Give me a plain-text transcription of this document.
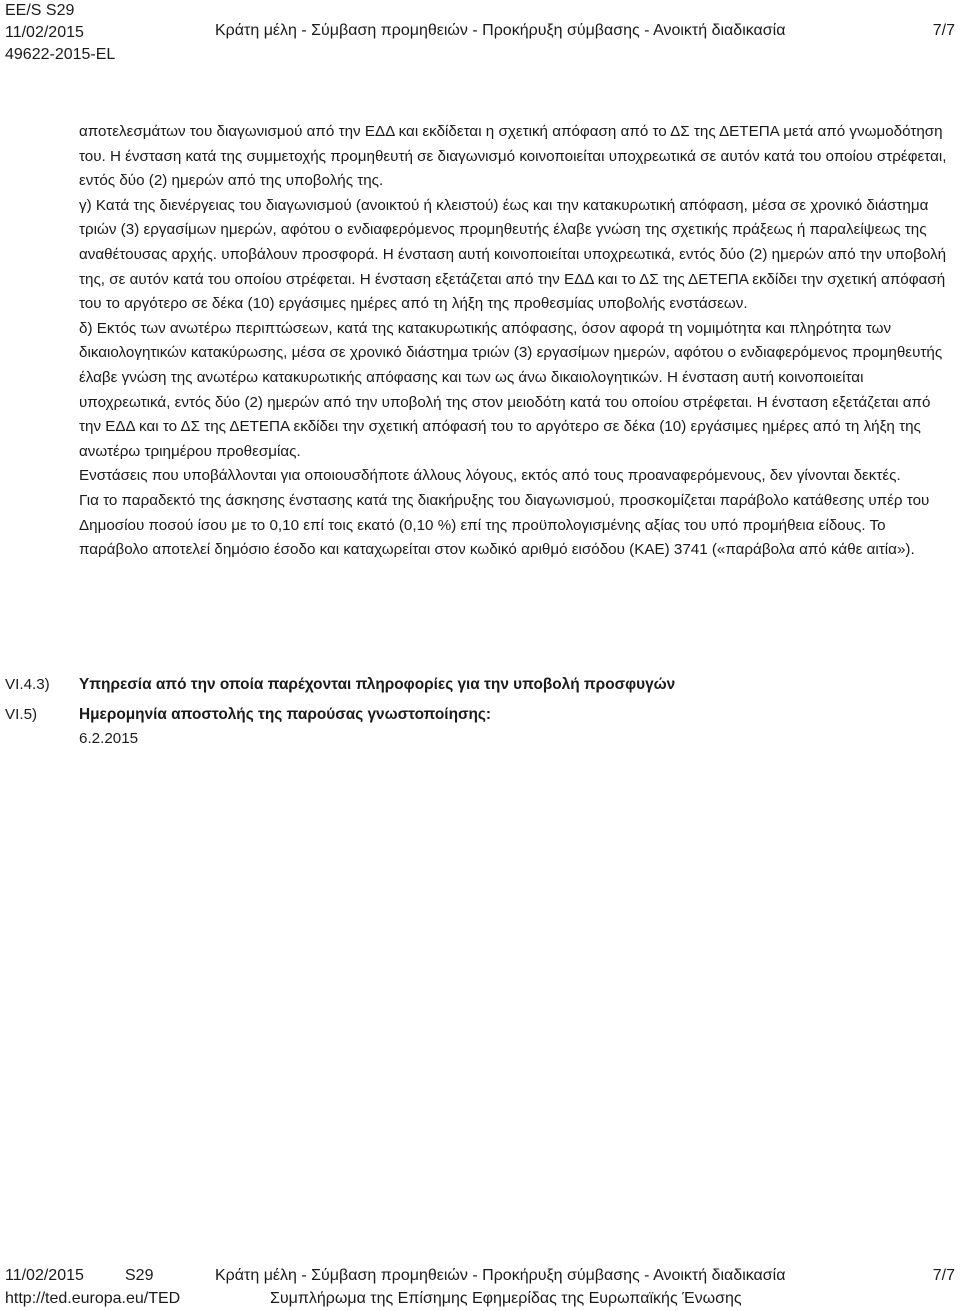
EE/S S29
11/02/2015
49622-2015-EL
Κράτη μέλη - Σύμβαση προμηθειών - Προκήρυξη σύμβασης - Ανοικτή διαδικασία	7/7

αποτελεσμάτων του διαγωνισμού από την ΕΔΔ και εκδίδεται η σχετική απόφαση από το ΔΣ της ΔΕΤΕΠΑ μετά από γνωμοδότηση του. Η ένσταση κατά της συμμετοχής προμηθευτή σε διαγωνισμό κοινοποιείται υποχρεωτικά σε αυτόν κατά του οποίου στρέφεται, εντός δύο (2) ημερών από της υποβολής της.

γ) Κατά της διενέργειας του διαγωνισμού (ανοικτού ή κλειστού) έως και την κατακυρωτική απόφαση, μέσα σε χρονικό διάστημα τριών (3) εργασίμων ημερών, αφότου ο ενδιαφερόμενος προμηθευτής έλαβε γνώση της σχετικής πράξεως ή παραλείψεως της αναθέτουσας αρχής. υποβάλουν προσφορά. Η ένσταση αυτή κοινοποιείται υποχρεωτικά, εντός δύο (2) ημερών από την υποβολή της, σε αυτόν κατά του οποίου στρέφεται. Η ένσταση εξετάζεται από την ΕΔΔ και το ΔΣ της ΔΕΤΕΠΑ εκδίδει την σχετική απόφασή του το αργότερο σε δέκα (10) εργάσιμες ημέρες από τη λήξη της προθεσμίας υποβολής ενστάσεων.

δ) Εκτός των ανωτέρω περιπτώσεων, κατά της κατακυρωτικής απόφασης, όσον αφορά τη νομιμότητα και πληρότητα των δικαιολογητικών κατακύρωσης, μέσα σε χρονικό διάστημα τριών (3) εργασίμων ημερών, αφότου ο ενδιαφερόμενος προμηθευτής έλαβε γνώση της ανωτέρω κατακυρωτικής απόφασης και των ως άνω δικαιολογητικών. Η ένσταση αυτή κοινοποιείται υποχρεωτικά, εντός δύο (2) ημερών από την υποβολή της στον μειοδότη κατά του οποίου στρέφεται. Η ένσταση εξετάζεται από την ΕΔΔ και το ΔΣ της ΔΕΤΕΠΑ εκδίδει την σχετική απόφασή του το αργότερο σε δέκα (10) εργάσιμες ημέρες από τη λήξη της ανωτέρω τριημέρου προθεσμίας.

Ενστάσεις που υποβάλλονται για οποιουσδήποτε άλλους λόγους, εκτός από τους προαναφερόμενους, δεν γίνονται δεκτές.

Για το παραδεκτό της άσκησης ένστασης κατά της διακήρυξης του διαγωνισμού, προσκομίζεται παράβολο κατάθεσης υπέρ του Δημοσίου ποσού ίσου με το 0,10 επί τοις εκατό (0,10 %) επί της προϋπολογισμένης αξίας του υπό προμήθεια είδους. Το παράβολο αποτελεί δημόσιο έσοδο και καταχωρείται στον κωδικό αριθμό εισόδου (ΚΑΕ) 3741 («παράβολα από κάθε αιτία»).

VI.4.3) Υπηρεσία από την οποία παρέχονται πληροφορίες για την υποβολή προσφυγών
VI.5)	Ημερομηνία αποστολής της παρούσας γνωστοποίησης:
6.2.2015
11/02/2015	S29
http://ted.europa.eu/TED
Κράτη μέλη - Σύμβαση προμηθειών - Προκήρυξη σύμβασης - Ανοικτή διαδικασία
Συμπλήρωμα της Επίσημης Εφημερίδας της Ευρωπαϊκής Ένωσης
7/7
